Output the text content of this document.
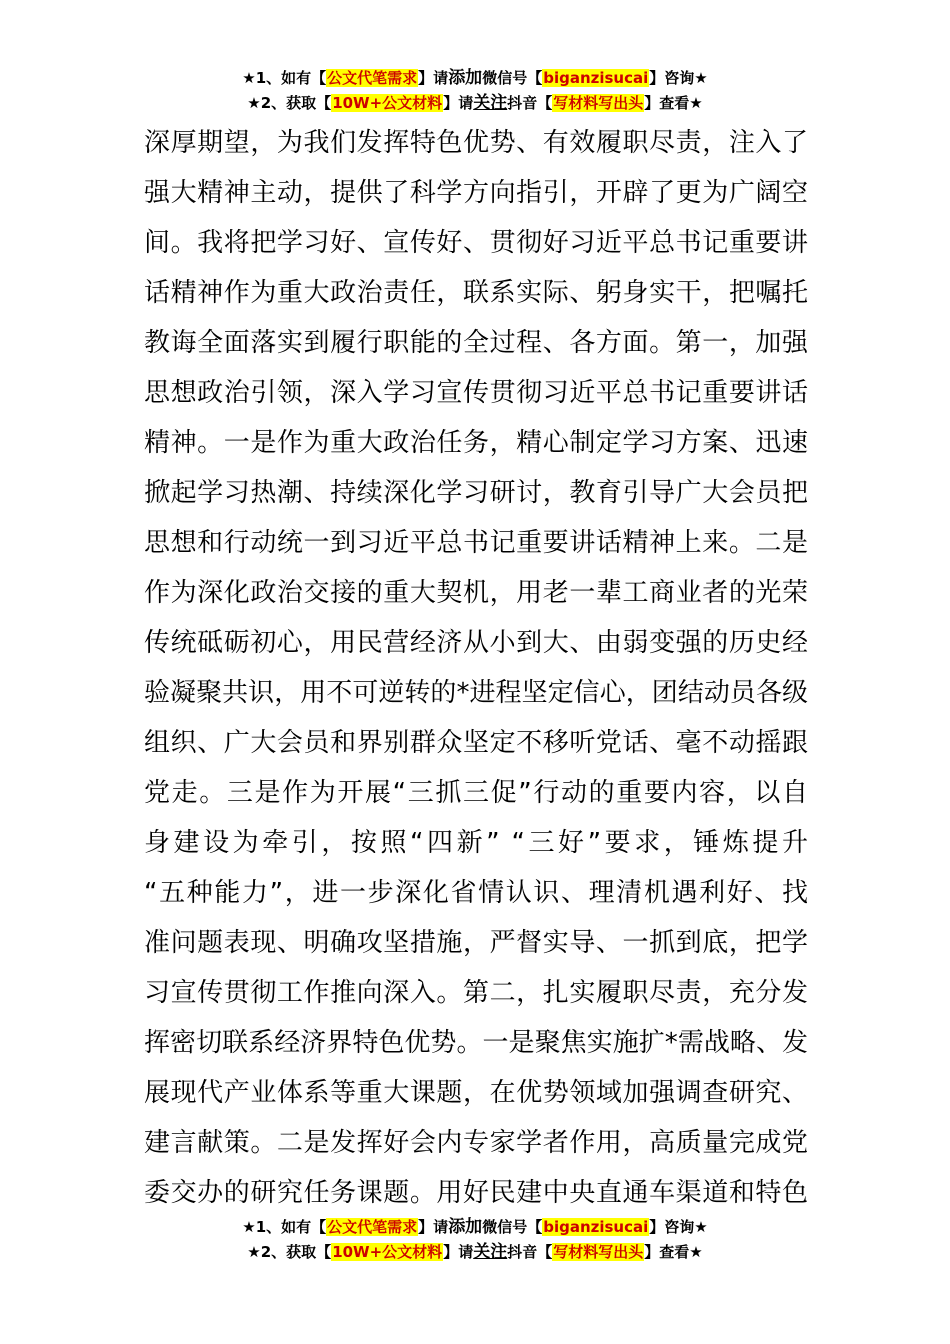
★1、如有【公文代笔需求】请添加微信号【biganzisucai】咨询★
★2、获取【10W+公文材料】请关注抖音【写材料写出头】查看★
深厚期望，为我们发挥特色优势、有效履职尽责，注入了
强大精神主动，提供了科学方向指引，开辟了更为广阔空
间。我将把学习好、宣传好、贯彻好习近平总书记重要讲
话精神作为重大政治责任，联系实际、躬身实干，把嘱托
教诲全面落实到履行职能的全过程、各方面。第一，加强
思想政治引领，深入学习宣传贯彻习近平总书记重要讲话
精神。一是作为重大政治任务，精心制定学习方案、迅速
掀起学习热潮、持续深化学习研讨，教育引导广大会员把
思想和行动统一到习近平总书记重要讲话精神上来。二是
作为深化政治交接的重大契机，用老一辈工商业者的光荣
传统砥砺初心，用民营经济从小到大、由弱变强的历史经
验凝聚共识，用不可逆转的*进程坚定信心，团结动员各级
组织、广大会员和界别群众坚定不移听党话、毫不动摇跟
党走。三是作为开展“三抓三促”行动的重要内容，以自
身建设为牵引，按照“四新” “三好”要求，锤炼提升
“五种能力”，进一步深化省情认识、理清机遇利好、找
准问题表现、明确攻坚措施，严督实导、一抓到底，把学
习宣传贯彻工作推向深入。第二，扎实履职尽责，充分发
挥密切联系经济界特色优势。一是聚焦实施扩*需战略、发
展现代产业体系等重大课题，在优势领域加强调查研究、
建言献策。二是发挥好会内专家学者作用，高质量完成党
委交办的研究任务课题。用好民建中央直通车渠道和特色
★1、如有【公文代笔需求】请添加微信号【biganzisucai】咨询★
★2、获取【10W+公文材料】请关注抖音【写材料写出头】查看★
